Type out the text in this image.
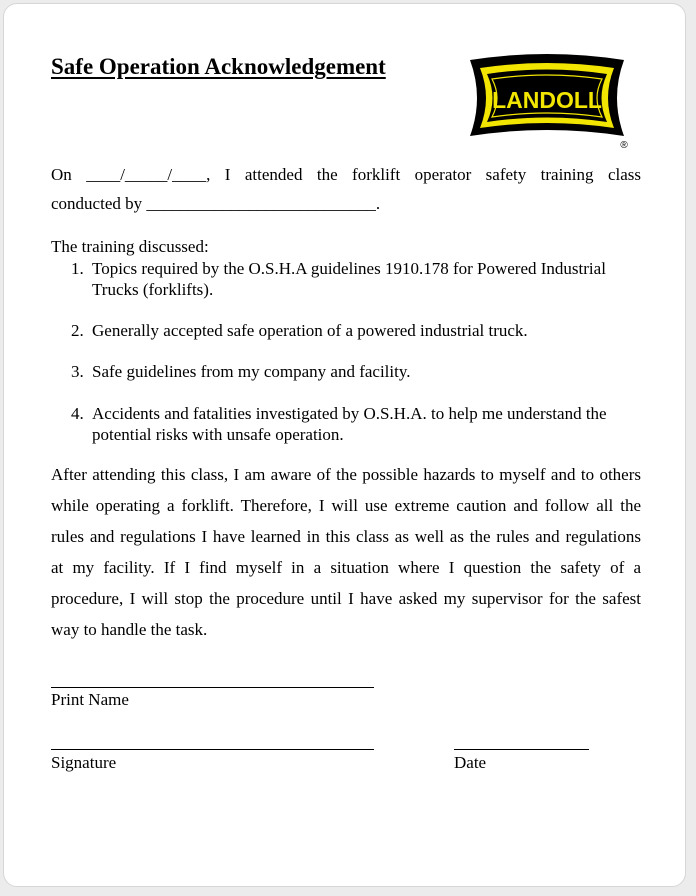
Safe Operation Acknowledgement
LANDOLL
®

On ____/_____/____, I attended the forklift operator safety training class

conducted by ___________________________.

The training discussed:

1. Topics required by the O.S.H.A guidelines 1910.178 for Powered Industrial

Trucks (forklifts).

2. Generally accepted safe operation of a powered industrial truck.

3. Safe guidelines from my company and facility.

4. Accidents and fatalities investigated by O.S.H.A. to help me understand the

potential risks with unsafe operation.

After attending this class, I am aware of the possible hazards to myself and to others

while operating a forklift. Therefore, I will use extreme caution and follow all the

rules and regulations I have learned in this class as well as the rules and regulations

at my facility. If I find myself in a situation where I question the safety of a

procedure, I will stop the procedure until I have asked my supervisor for the safest

way to handle the task.

Print Name

Signature	Date
